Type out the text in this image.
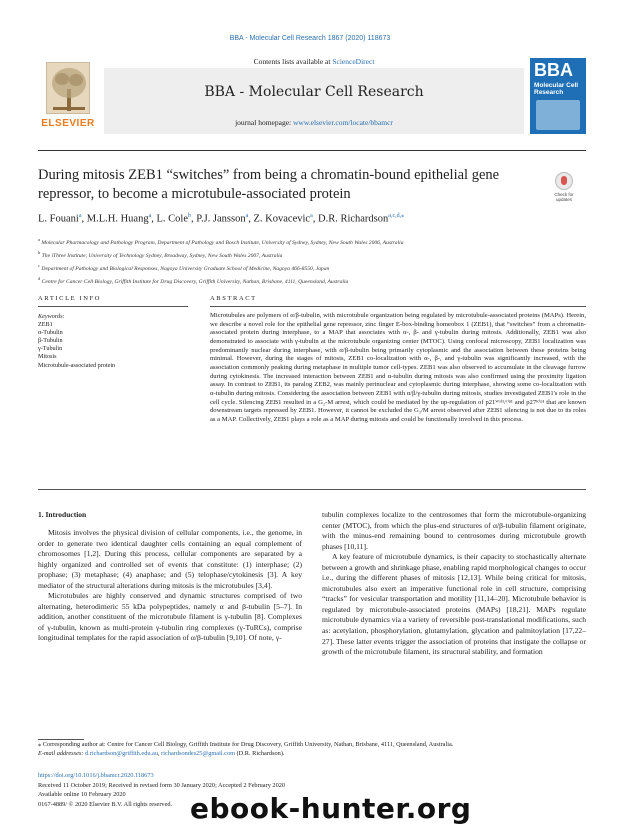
BBA - Molecular Cell Research 1867 (2020) 118673
ELSEVIER
Contents lists available at ScienceDirect
BBA - Molecular Cell Research
journal homepage: www.elsevier.com/locate/bbamcr
BBA
Molecular Cell Research
During mitosis ZEB1 “switches” from being a chromatin-bound epithelial gene repressor, to become a microtubule-associated protein	Check for updates
L. Fouani$^a$, M.L.H. Huang$^a$, L. Cole$^b$, P.J. Jansson$^a$, Z. Kovacevic$^a$, D.R. Richardson$^{a,c,d,⁎}$
$^a$ Molecular Pharmacology and Pathology Program, Department of Pathology and Bosch Institute, University of Sydney, Sydney, New South Wales 2006, Australia
$^b$ The iThree Institute, University of Technology Sydney, Broadway, Sydney, New South Wales 2007, Australia
$^c$ Department of Pathology and Biological Responses, Nagoya University Graduate School of Medicine, Nagoya 466-8550, Japan
$^d$ Centre for Cancer Cell Biology, Griffith Institute for Drug Discovery, Griffith University, Nathan, Brisbane, 4111, Queensland, Australia
ARTICLE INFO
Keywords:
ZEB1
α-Tubulin
β-Tubulin
γ-Tubulin
Mitosis
Microtubule-associated protein
ABSTRACT

Microtubules are polymers of α/β-tubulin, with microtubule organization being regulated by microtubule-associated proteins (MAPs). Herein, we describe a novel role for the epithelial gene repressor, zinc finger E-box-binding homeobox 1 (ZEB1), that “switches” from a chromatin-associated protein during interphase, to a MAP that associates with α-, β- and γ-tubulin during mitosis. Additionally, ZEB1 was also demonstrated to associate with γ-tubulin at the microtubule organizing center (MTOC). Using confocal microscopy, ZEB1 localization was predominantly nuclear during interphase, with α/β-tubulin being primarily cytoplasmic and the association between these proteins being minimal. However, during the stages of mitosis, ZEB1 co-localization with α-, β-, and γ-tubulin was significantly increased, with the association commonly peaking during metaphase in multiple tumor cell-types. ZEB1 was also observed to accumulate in the cleavage furrow during cytokinesis. The increased interaction between ZEB1 and α-tubulin during mitosis was also confirmed using the proximity ligation assay. In contrast to ZEB1, its paralog ZEB2, was mainly perinuclear and cytoplasmic during interphase, showing some co-localization with α-tubulin during mitosis. Considering the association between ZEB1 with α/β/γ-tubulin during mitosis, studies investigated ZEB1's role in the cell cycle. Silencing ZEB1 resulted in a G₂-M arrest, which could be mediated by the up-regulation of p21ᵂᵃᶠ¹/ᶜⁱᵖ¹ and p27ᴷⁱᵖ¹ that are known downstream targets repressed by ZEB1. However, it cannot be excluded the G₂/M arrest observed after ZEB1 silencing is not due to its roles as a MAP. Collectively, ZEB1 plays a role as a MAP during mitosis and could be functionally involved in this process.

1. Introduction

Mitosis involves the physical division of cellular components, i.e., the genome, in order to generate two identical daughter cells containing an equal complement of chromosomes [1,2]. During this process, cellular components are separated by a highly organized and controlled set of events that constitute: (1) interphase; (2) prophase; (3) metaphase; (4) anaphase; and (5) telophase/cytokinesis [3]. A key mediator of the structural alterations during mitosis is the microtubules [3,4].

Microtubules are highly conserved and dynamic structures comprised of two alternating, heterodimeric 55 kDa polypeptides, namely α and β-tubulin [5–7]. In addition, another constituent of the microtubule filament is γ-tubulin [8]. Complexes of γ-tubulin, known as multi-protein γ-tubulin ring complexes (γ-TuRCs), comprise longitudinal templates for the rapid association of α/β-tubulin [9,10]. Of note, γ-

tubulin complexes localize to the centrosomes that form the microtubule-organizing center (MTOC), from which the plus-end structures of α/β-tubulin filament originate, with the minus-end remaining bound to centrosomes during microtubule growth phases [10,11].

A key feature of microtubule dynamics, is their capacity to stochastically alternate between a growth and shrinkage phase, enabling rapid morphological changes to occur i.e., during the different phases of mitosis [12,13]. While being critical for mitosis, microtubules also exert an imperative functional role in cell structure, comprising “tracks” for vesicular transportation and motility [11,14–20]. Microtubule behavior is regulated by microtubule-associated proteins (MAPs) [18,21]. MAPs regulate microtubule dynamics via a variety of reversible post-translational modifications, such as: acetylation, phosphorylation, glutamylation, glycation and palmitoylation [17,22–27]. These latter events trigger the association of proteins that instigate the collapse or growth of the microtubule filament, its structural stability, and formation

⁎ Corresponding author at: Centre for Cancer Cell Biology, Griffith Institute for Drug Discovery, Griffith University, Nathan, Brisbane, 4111, Queensland, Australia.
E-mail addresses: d.richardson@griffith.edu.au, richardsondes25@gmail.com (D.R. Richardson).
https://doi.org/10.1016/j.bbamcr.2020.118673
Received 11 October 2019; Received in revised form 30 January 2020; Accepted 2 February 2020
Available online 10 February 2020
0167-4889/ © 2020 Elsevier B.V. All rights reserved. ebook-hunter.org
